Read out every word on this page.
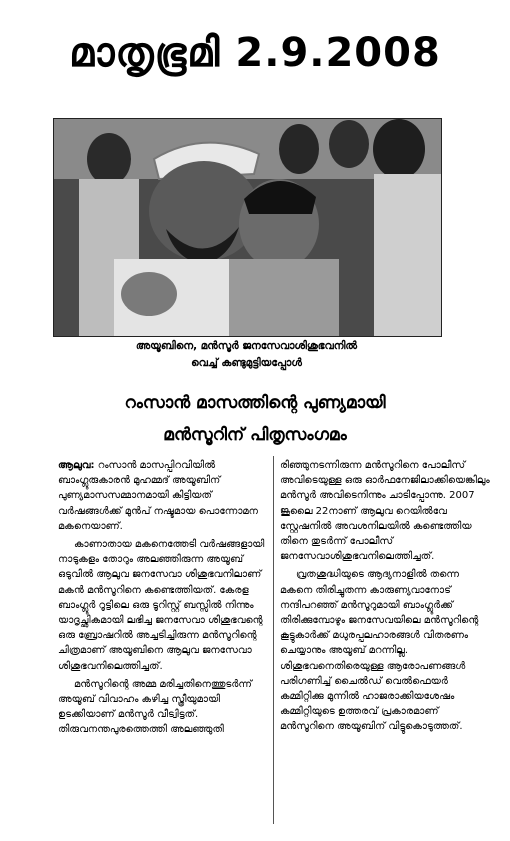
മാതൃഭൂമി 2.9.2008
അയൂബിനെ, മൻസൂർ ജനസേവാശിശുഭവനിൽ
വെച്ച് കണ്ടുമുട്ടിയപ്പോൾ
റംസാൻ മാസത്തിന്റെ പുണ്യമായി
മൻസൂറിന് പിതൃസംഗമം

ആലുവ: റംസാൻ മാസപ്പിറവിയിൽ ബാംഗ്ലൂരുകാരൻ മുഹമ്മദ് അയൂബിന് പുണ്യമാസസമ്മാനമായി കിട്ടിയത് വർഷങ്ങൾക്ക് മുൻപ് നഷ്ടമായ പൊന്നോമന മകനെയാണ്.

കാണാതായ മകനെത്തേടി വർഷങ്ങളായി നാടുകളം തോറും അലഞ്ഞിരുന്ന അയൂബ് ഒടുവിൽ ആലുവ ജനസേവാ ശിശുഭവനിലാണ് മകൻ മൻസൂറിനെ കണ്ടെത്തിയത്. കേരള ബാംഗ്ലൂർ റൂട്ടിലെ ഒരു ടൂറിസ്റ്റ് ബസ്സിൽ നിന്നും യാദൃച്ഛികമായി ലഭിച്ച ജനസേവാ ശിശുഭവന്റെ ഒരു ബ്രോഷറിൽ അച്ചടിച്ചിരുന്ന മൻസൂറിന്റെ ചിത്രമാണ് അയൂബിനെ ആലുവ ജനസേവാ ശിശുഭവനിലെത്തിച്ചത്.

മൻസൂറിന്റെ അമ്മ മരിച്ചതിനെത്തുടർന്ന് അയൂബ് വിവാഹം കഴിച്ച സ്ത്രീയുമായി ഉടക്കിയാണ് മൻസൂർ വീട്വിട്ടത്. തിരുവനന്തപുരത്തെത്തി അലഞ്ഞുതി

രിഞ്ഞുനടന്നിരുന്ന മൻസൂറിനെ പോലീസ് അവിടെയുള്ള ഒരു ഓർഫനേജിലാക്കിയെങ്കിലും മൻസൂർ അവിടെനിന്നും ചാടിപ്പോന്നു. 2007 ജൂലൈ 22നാണ് ആലുവ റെയിൽവേ സ്റ്റേഷനിൽ അവശനിലയിൽ കണ്ടെത്തിയ തിനെ തുടർന്ന് പോലീസ് ജനസേവാശിശുഭവനിലെത്തിച്ചത്.

വ്രതശുദ്ധിയുടെ ആദ്യനാളിൽ തന്നെ മകനെ തിരിച്ചുതന്ന കാരുണ്യവാനോട് നന്ദിപറഞ്ഞ് മൻസൂറുമായി ബാംഗ്ലൂർക്ക് തിരിക്കുമ്പോഴും ജനസേവയിലെ മൻസൂറിന്റെ കൂട്ടുകാർക്ക് മധുരപ്പലഹാരങ്ങൾ വിതരണം ചെയ്യാനും അയൂബ് മറന്നില്ല. ശിശുഭവനെതിരെയുള്ള ആരോപണങ്ങൾ പരിഗണിച്ച് ചൈൽഡ് വെൽഫെയർ കമ്മിറ്റിക്കു മുന്നിൽ ഹാജരാക്കിയശേഷം കമ്മിറ്റിയുടെ ഉത്തരവ് പ്രകാരമാണ് മൻസൂറിനെ അയൂബിന് വിട്ടുകൊടുത്തത്.
